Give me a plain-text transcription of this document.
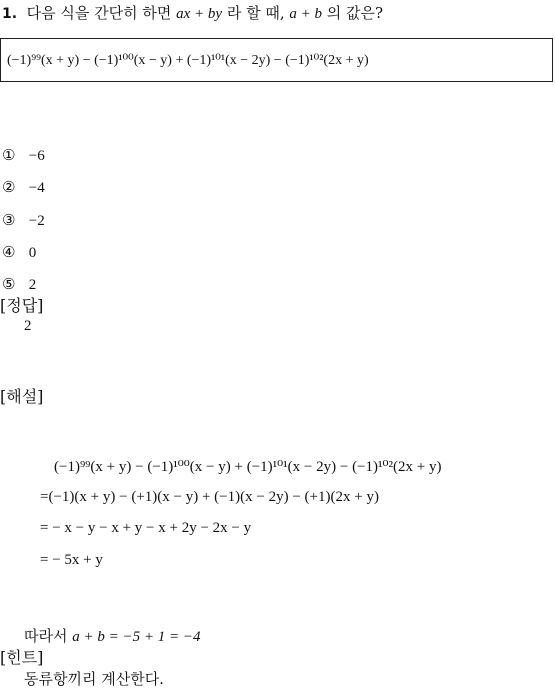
1. 다음 식을 간단히 하면 ax + by 라 할 때, a + b 의 값은?
(−1)⁹⁹(x + y) − (−1)¹⁰⁰(x − y) + (−1)¹⁰¹(x − 2y) − (−1)¹⁰²(2x + y)
① −6
② −4
③ −2
④ 0
⑤ 2
[정답]
2
[해설]
(−1)⁹⁹(x + y) − (−1)¹⁰⁰(x − y) + (−1)¹⁰¹(x − 2y) − (−1)¹⁰²(2x + y)
=(−1)(x + y) − (+1)(x − y) + (−1)(x − 2y) − (+1)(2x + y)
= − x − y − x + y − x + 2y − 2x − y
= − 5x + y
따라서 a + b = −5 + 1 = −4
[힌트]
동류항끼리 계산한다.
